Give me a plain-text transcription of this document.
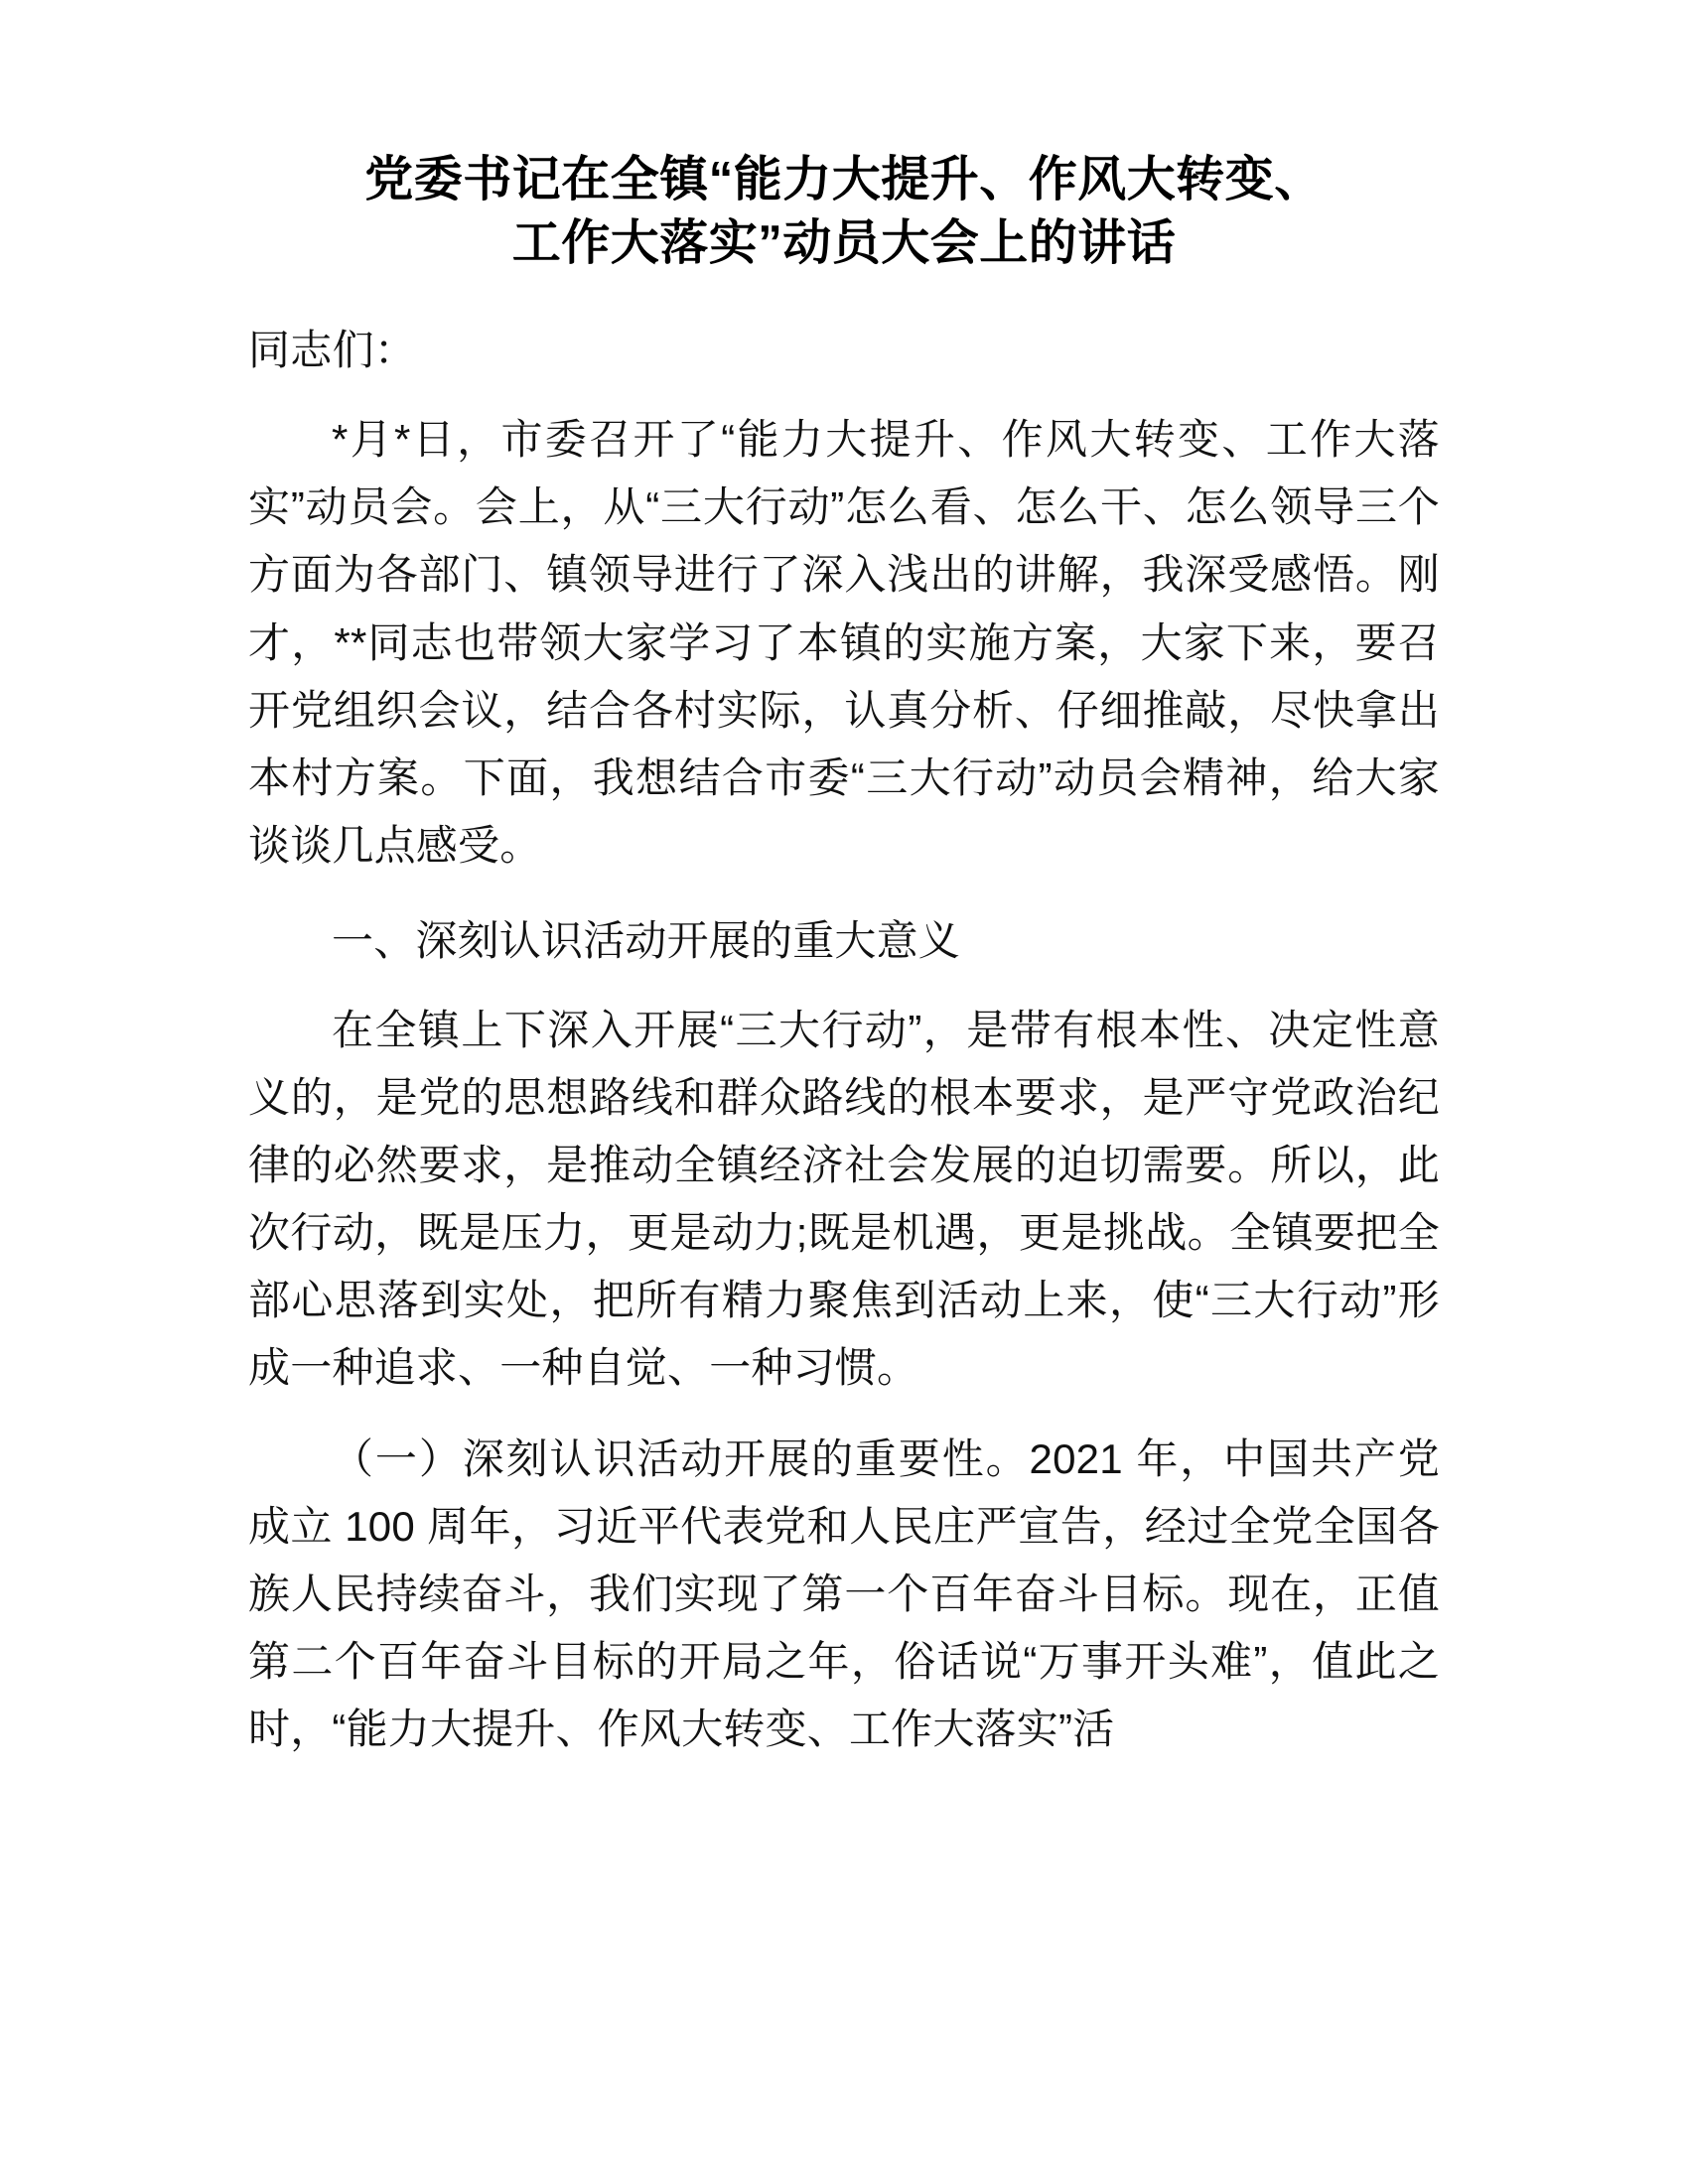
党委书记在全镇“能力大提升、作风大转变、
工作大落实”动员大会上的讲话

同志们：

*月*日，市委召开了“能力大提升、作风大转变、工作大落实”动员会。会上，从“三大行动”怎么看、怎么干、怎么领导三个方面为各部门、镇领导进行了深入浅出的讲解，我深受感悟。刚才，**同志也带领大家学习了本镇的实施方案，大家下来，要召开党组织会议，结合各村实际，认真分析、仔细推敲，尽快拿出本村方案。下面，我想结合市委“三大行动”动员会精神，给大家谈谈几点感受。

一、深刻认识活动开展的重大意义

在全镇上下深入开展“三大行动”，是带有根本性、决定性意义的，是党的思想路线和群众路线的根本要求，是严守党政治纪律的必然要求，是推动全镇经济社会发展的迫切需要。所以，此次行动，既是压力，更是动力;既是机遇，更是挑战。全镇要把全部心思落到实处，把所有精力聚焦到活动上来，使“三大行动”形成一种追求、一种自觉、一种习惯。

（一）深刻认识活动开展的重要性。2021 年，中国共产党成立 100 周年，习近平代表党和人民庄严宣告，经过全党全国各族人民持续奋斗，我们实现了第一个百年奋斗目标。现在，正值第二个百年奋斗目标的开局之年，俗话说“万事开头难”，值此之时，“能力大提升、作风大转变、工作大落实”活
